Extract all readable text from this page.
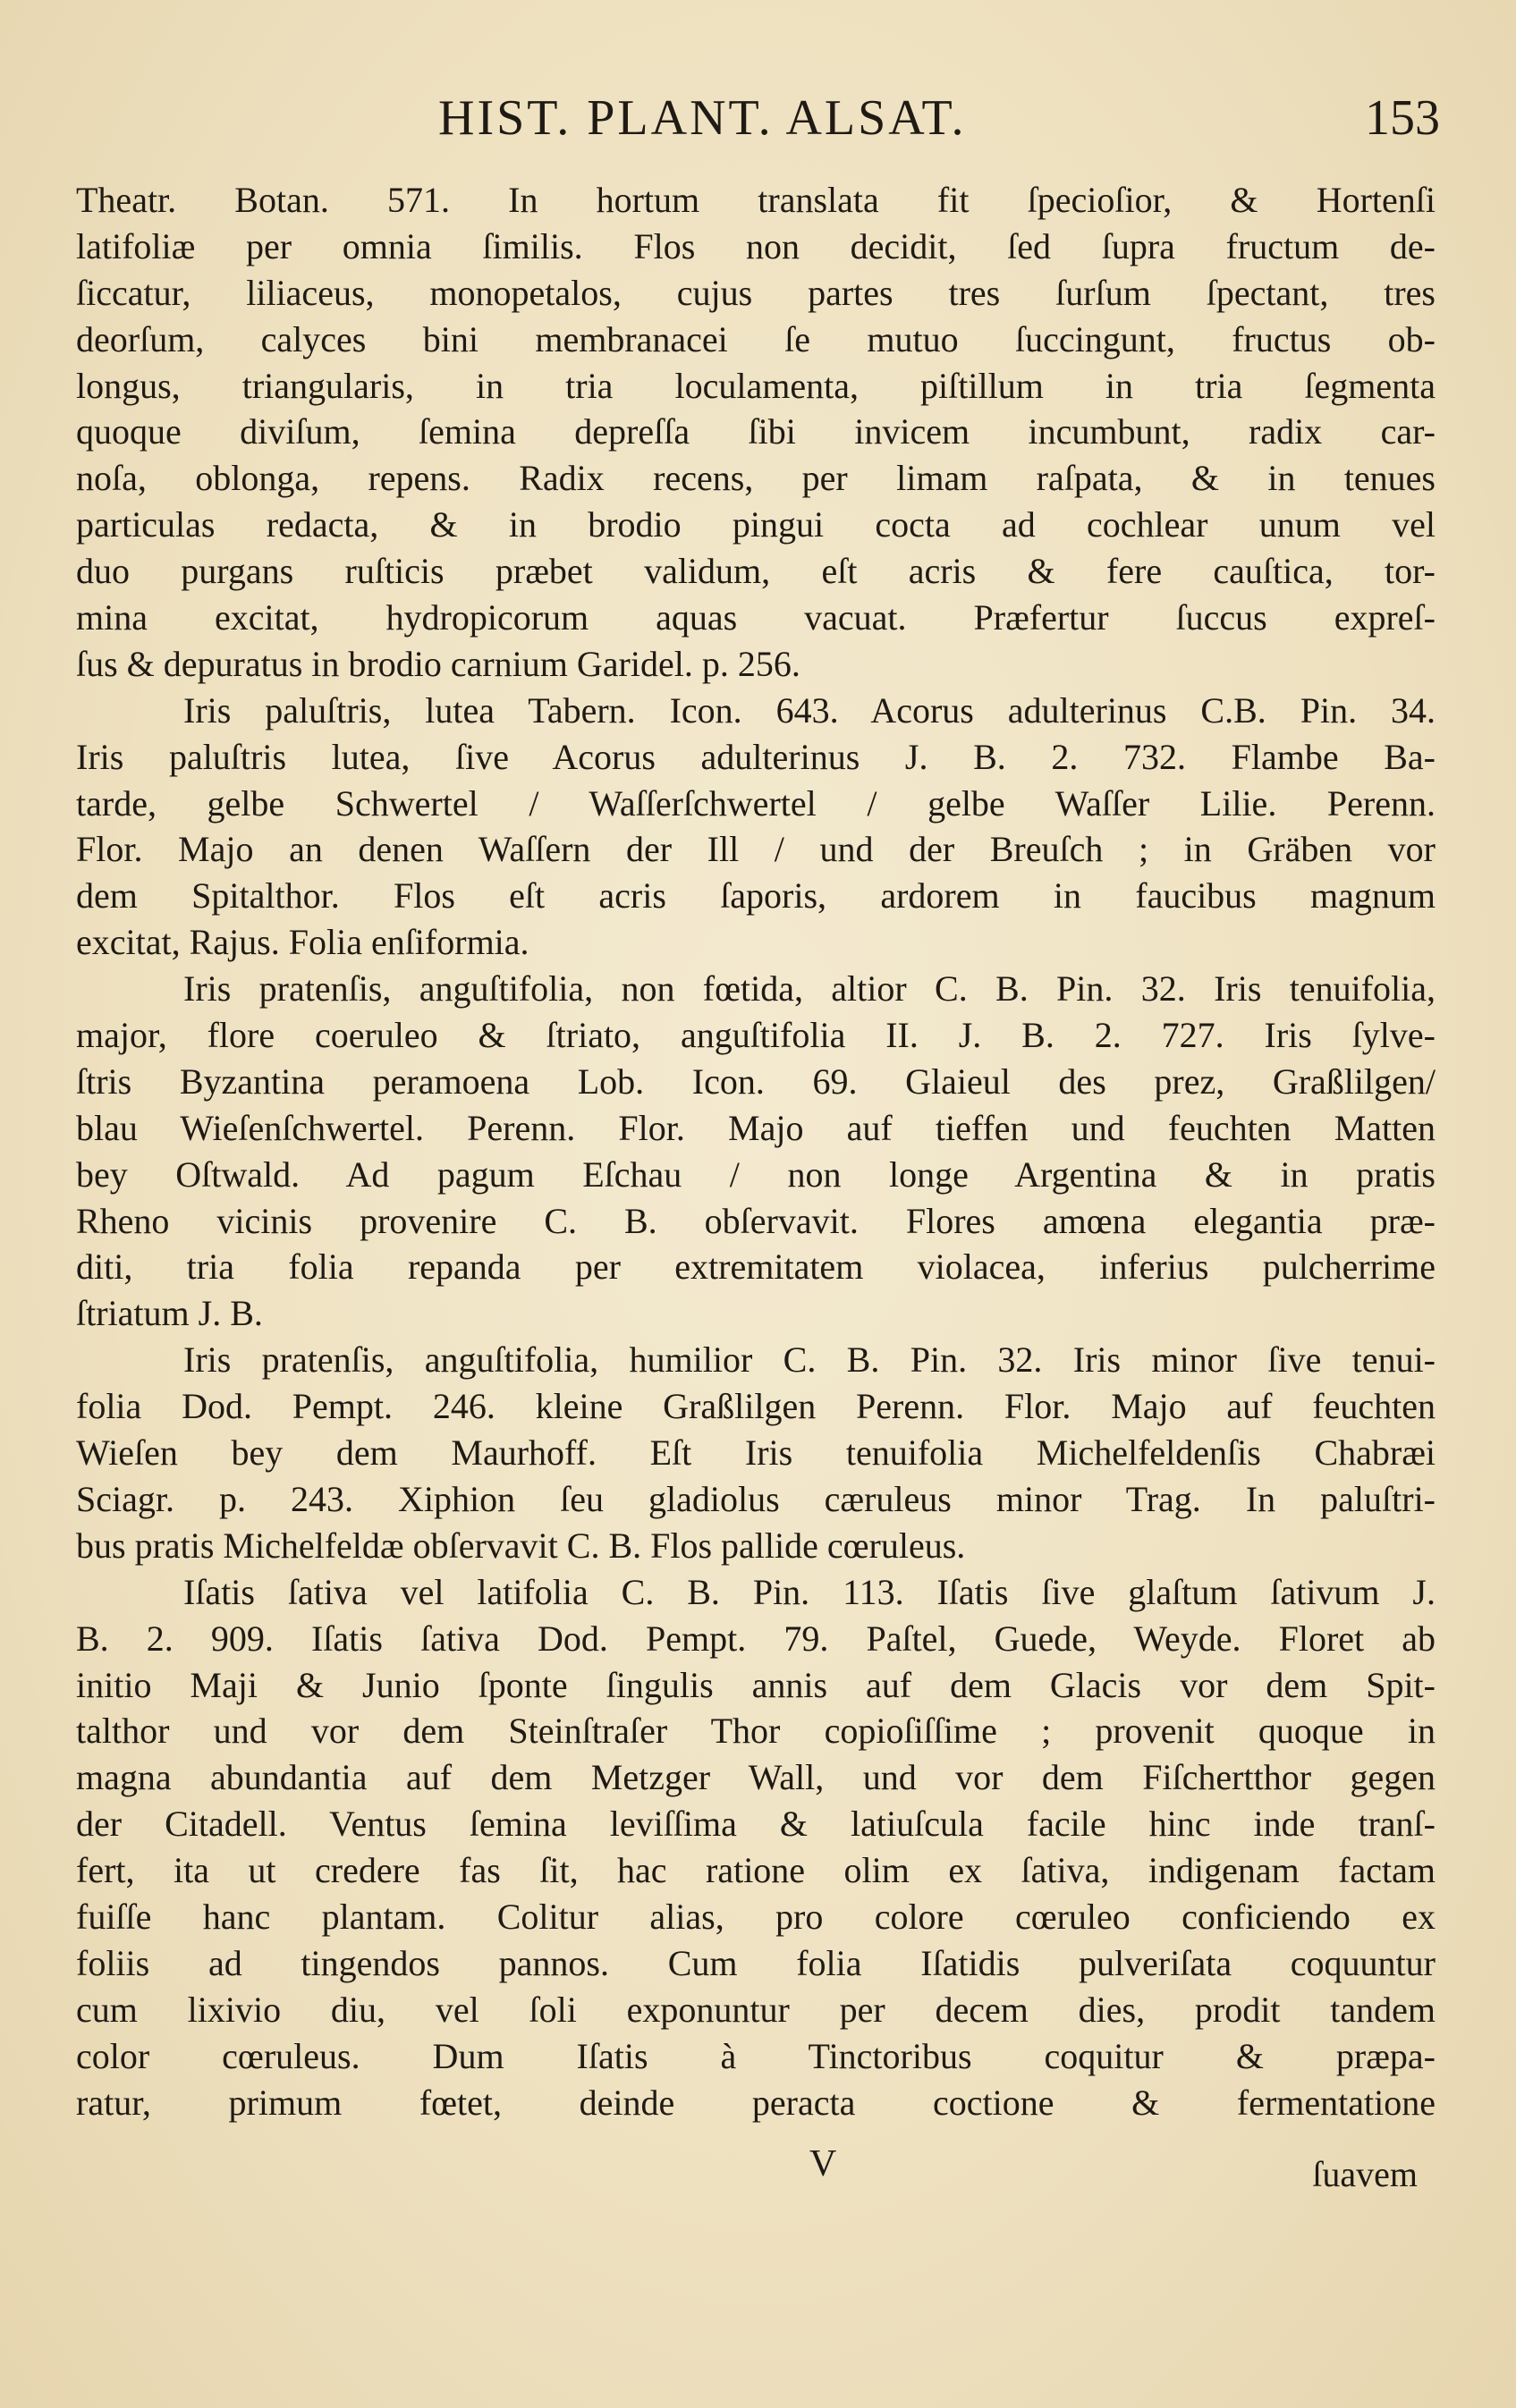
HIST. PLANT. ALSAT.	153
Theatr. Botan. 571. In hortum translata fit ſpecioſior, & Hortenſi
latifoliæ per omnia ſimilis. Flos non decidit, ſed ſupra fructum de-
ſiccatur, liliaceus, monopetalos, cujus partes tres ſurſum ſpectant, tres
deorſum, calyces bini membranacei ſe mutuo ſuccingunt, fructus ob-
longus, triangularis, in tria loculamenta, piſtillum in tria ſegmenta
quoque diviſum, ſemina depreſſa ſibi invicem incumbunt, radix car-
noſa, oblonga, repens. Radix recens, per limam raſpata, & in tenues
particulas redacta, & in brodio pingui cocta ad cochlear unum vel
duo purgans ruſticis præbet validum, eſt acris & fere cauſtica, tor-
mina excitat, hydropicorum aquas vacuat. Præfertur ſuccus expreſ-
ſus & depuratus in brodio carnium Garidel. p. 256.
Iris paluſtris, lutea Tabern. Icon. 643. Acorus adulterinus C.B. Pin. 34.
Iris paluſtris lutea, ſive Acorus adulterinus J. B. 2. 732. Flambe Ba-
tarde, gelbe Schwertel / Waſſerſchwertel / gelbe Waſſer Lilie. Perenn.
Flor. Majo an denen Waſſern der Ill / und der Breuſch ; in Gräben vor
dem Spitalthor. Flos eſt acris ſaporis, ardorem in faucibus magnum
excitat, Rajus. Folia enſiformia.
Iris pratenſis, anguſtifolia, non fœtida, altior C. B. Pin. 32. Iris tenuifolia,
major, flore coeruleo & ſtriato, anguſtifolia II. J. B. 2. 727. Iris ſylve-
ſtris Byzantina peramoena Lob. Icon. 69. Glaieul des prez, Graßlilgen/
blau Wieſenſchwertel. Perenn. Flor. Majo auf tieffen und feuchten Matten
bey Oſtwald. Ad pagum Eſchau / non longe Argentina & in pratis
Rheno vicinis provenire C. B. obſervavit. Flores amœna elegantia præ-
diti, tria folia repanda per extremitatem violacea, inferius pulcherrime
ſtriatum J. B.
Iris pratenſis, anguſtifolia, humilior C. B. Pin. 32. Iris minor ſive tenui-
folia Dod. Pempt. 246. kleine Graßlilgen Perenn. Flor. Majo auf feuchten
Wieſen bey dem Maurhoff. Eſt Iris tenuifolia Michelfeldenſis Chabræi
Sciagr. p. 243. Xiphion ſeu gladiolus cæruleus minor Trag. In paluſtri-
bus pratis Michelfeldæ obſervavit C. B. Flos pallide cœruleus.
Iſatis ſativa vel latifolia C. B. Pin. 113. Iſatis ſive glaſtum ſativum J.
B. 2. 909. Iſatis ſativa Dod. Pempt. 79. Paſtel, Guede, Weyde. Floret ab
initio Maji & Junio ſponte ſingulis annis auf dem Glacis vor dem Spit-
talthor und vor dem Steinſtraſer Thor copioſiſſime ; provenit quoque in
magna abundantia auf dem Metzger Wall, und vor dem Fiſchertthor gegen
der Citadell. Ventus ſemina leviſſima & latiuſcula facile hinc inde tranſ-
fert, ita ut credere fas ſit, hac ratione olim ex ſativa, indigenam factam
fuiſſe hanc plantam. Colitur alias, pro colore cœruleo conficiendo ex
foliis ad tingendos pannos. Cum folia Iſatidis pulveriſata coquuntur
cum lixivio diu, vel ſoli exponuntur per decem dies, prodit tandem
color cœruleus. Dum Iſatis à Tinctoribus coquitur & præpa-
ratur, primum fœtet, deinde peracta coctione & fermentatione
V	ſuavem
